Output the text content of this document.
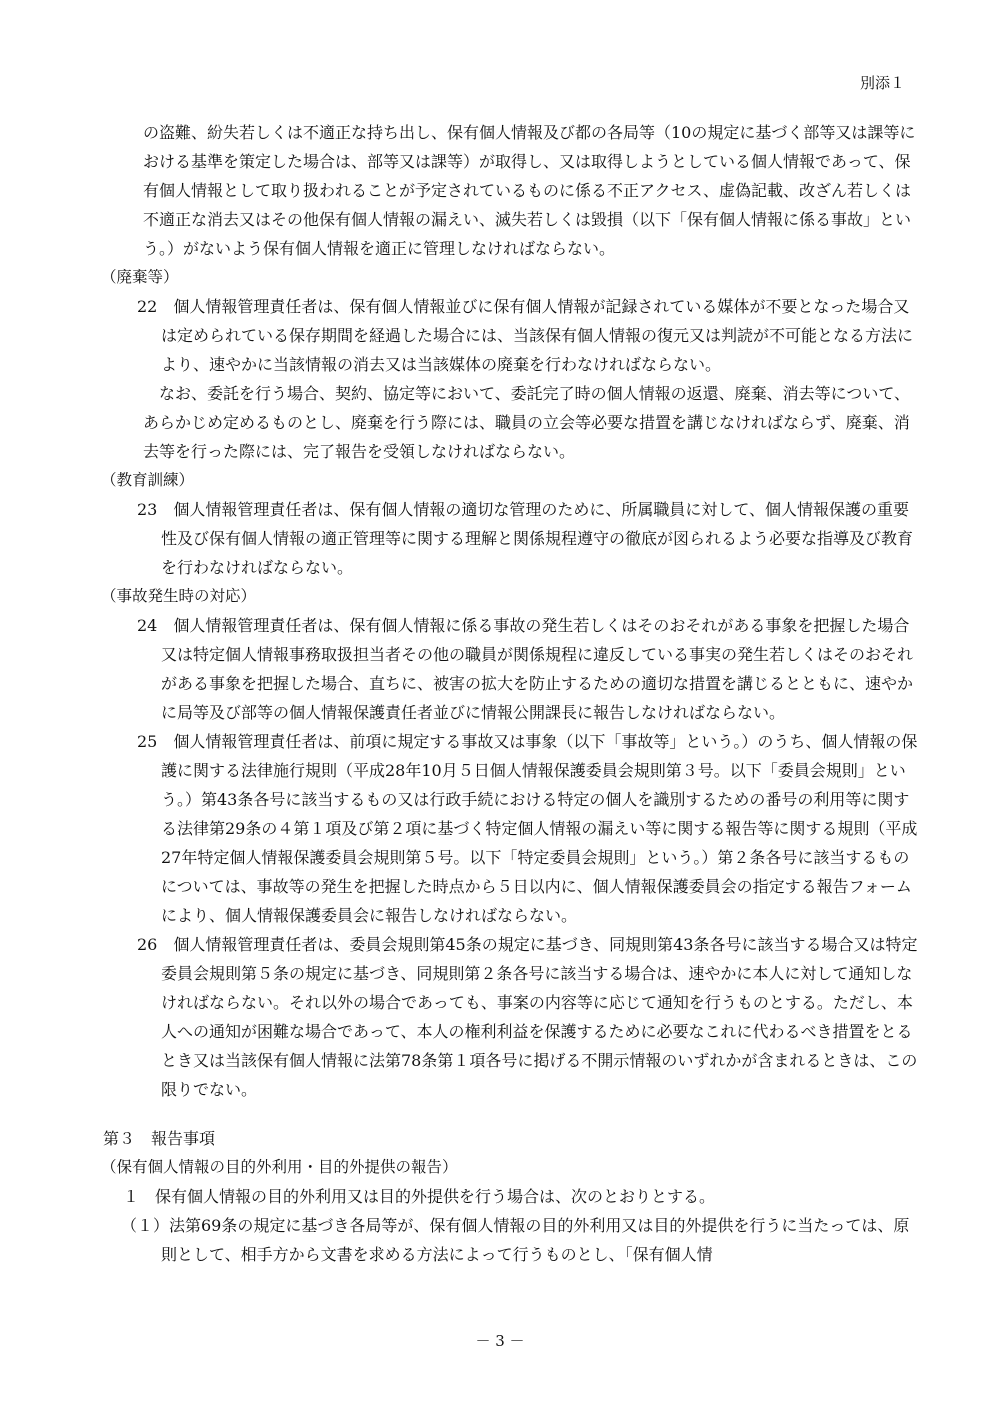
別添１
の盗難、紛失若しくは不適正な持ち出し、保有個人情報及び都の各局等（10の規定に基づく部等又は課等における基準を策定した場合は、部等又は課等）が取得し、又は取得しようとしている個人情報であって、保有個人情報として取り扱われることが予定されているものに係る不正アクセス、虚偽記載、改ざん若しくは不適正な消去又はその他保有個人情報の漏えい、滅失若しくは毀損（以下「保有個人情報に係る事故」という。）がないよう保有個人情報を適正に管理しなければならない。
（廃棄等）
22　個人情報管理責任者は、保有個人情報並びに保有個人情報が記録されている媒体が不要となった場合又は定められている保存期間を経過した場合には、当該保有個人情報の復元又は判読が不可能となる方法により、速やかに当該情報の消去又は当該媒体の廃棄を行わなければならない。
なお、委託を行う場合、契約、協定等において、委託完了時の個人情報の返還、廃棄、消去等について、あらかじめ定めるものとし、廃棄を行う際には、職員の立会等必要な措置を講じなければならず、廃棄、消去等を行った際には、完了報告を受領しなければならない。
（教育訓練）
23　個人情報管理責任者は、保有個人情報の適切な管理のために、所属職員に対して、個人情報保護の重要性及び保有個人情報の適正管理等に関する理解と関係規程遵守の徹底が図られるよう必要な指導及び教育を行わなければならない。
（事故発生時の対応）
24　個人情報管理責任者は、保有個人情報に係る事故の発生若しくはそのおそれがある事象を把握した場合又は特定個人情報事務取扱担当者その他の職員が関係規程に違反している事実の発生若しくはそのおそれがある事象を把握した場合、直ちに、被害の拡大を防止するための適切な措置を講じるとともに、速やかに局等及び部等の個人情報保護責任者並びに情報公開課長に報告しなければならない。
25　個人情報管理責任者は、前項に規定する事故又は事象（以下「事故等」という。）のうち、個人情報の保護に関する法律施行規則（平成28年10月５日個人情報保護委員会規則第３号。以下「委員会規則」という。）第43条各号に該当するもの又は行政手続における特定の個人を識別するための番号の利用等に関する法律第29条の４第１項及び第２項に基づく特定個人情報の漏えい等に関する報告等に関する規則（平成27年特定個人情報保護委員会規則第５号。以下「特定委員会規則」という。）第２条各号に該当するものについては、事故等の発生を把握した時点から５日以内に、個人情報保護委員会の指定する報告フォームにより、個人情報保護委員会に報告しなければならない。
26　個人情報管理責任者は、委員会規則第45条の規定に基づき、同規則第43条各号に該当する場合又は特定委員会規則第５条の規定に基づき、同規則第２条各号に該当する場合は、速やかに本人に対して通知しなければならない。それ以外の場合であっても、事案の内容等に応じて通知を行うものとする。ただし、本人への通知が困難な場合であって、本人の権利利益を保護するために必要なこれに代わるべき措置をとるとき又は当該保有個人情報に法第78条第１項各号に掲げる不開示情報のいずれかが含まれるときは、この限りでない。
第３　報告事項
（保有個人情報の目的外利用・目的外提供の報告）
１　保有個人情報の目的外利用又は目的外提供を行う場合は、次のとおりとする。
（１）法第69条の規定に基づき各局等が、保有個人情報の目的外利用又は目的外提供を行うに当たっては、原則として、相手方から文書を求める方法によって行うものとし、「保有個人情
－ 3 －
